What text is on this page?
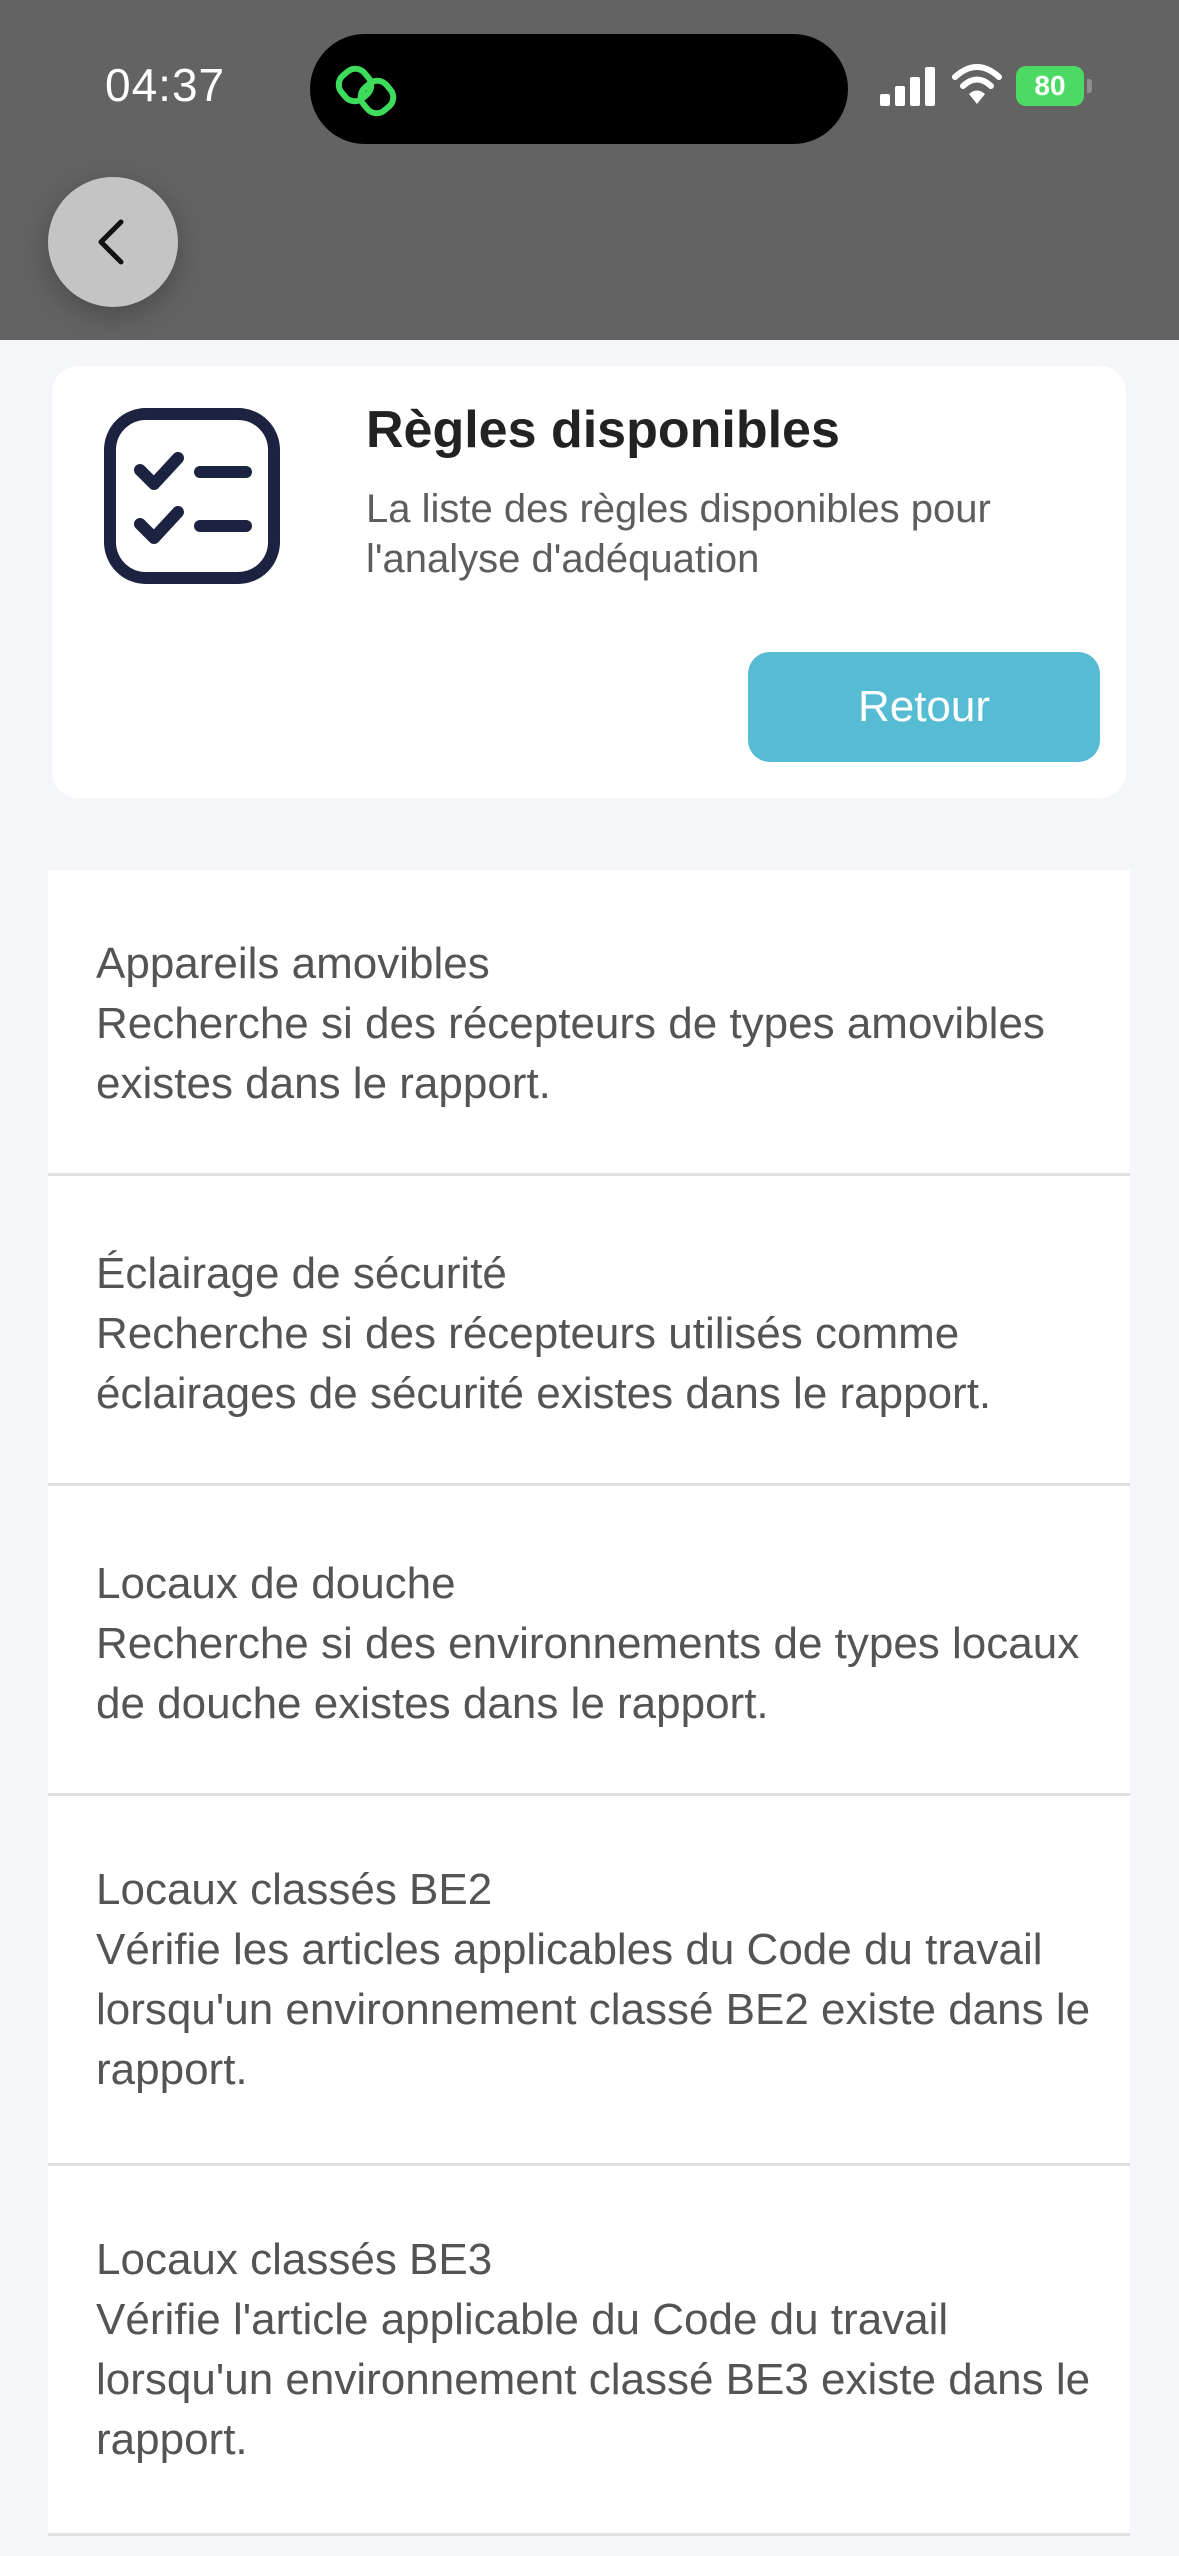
04:37	80
Règles disponibles
La liste des règles disponibles pour l'analyse d'adéquation
Retour
Appareils amovibles
Recherche si des récepteurs de types amovibles existes dans le rapport.
Éclairage de sécurité
Recherche si des récepteurs utilisés comme éclairages de sécurité existes dans le rapport.
Locaux de douche
Recherche si des environnements de types locaux de douche existes dans le rapport.
Locaux classés BE2
Vérifie les articles applicables du Code du travail lorsqu'un environnement classé BE2 existe dans le rapport.
Locaux classés BE3
Vérifie l'article applicable du Code du travail lorsqu'un environnement classé BE3 existe dans le rapport.
